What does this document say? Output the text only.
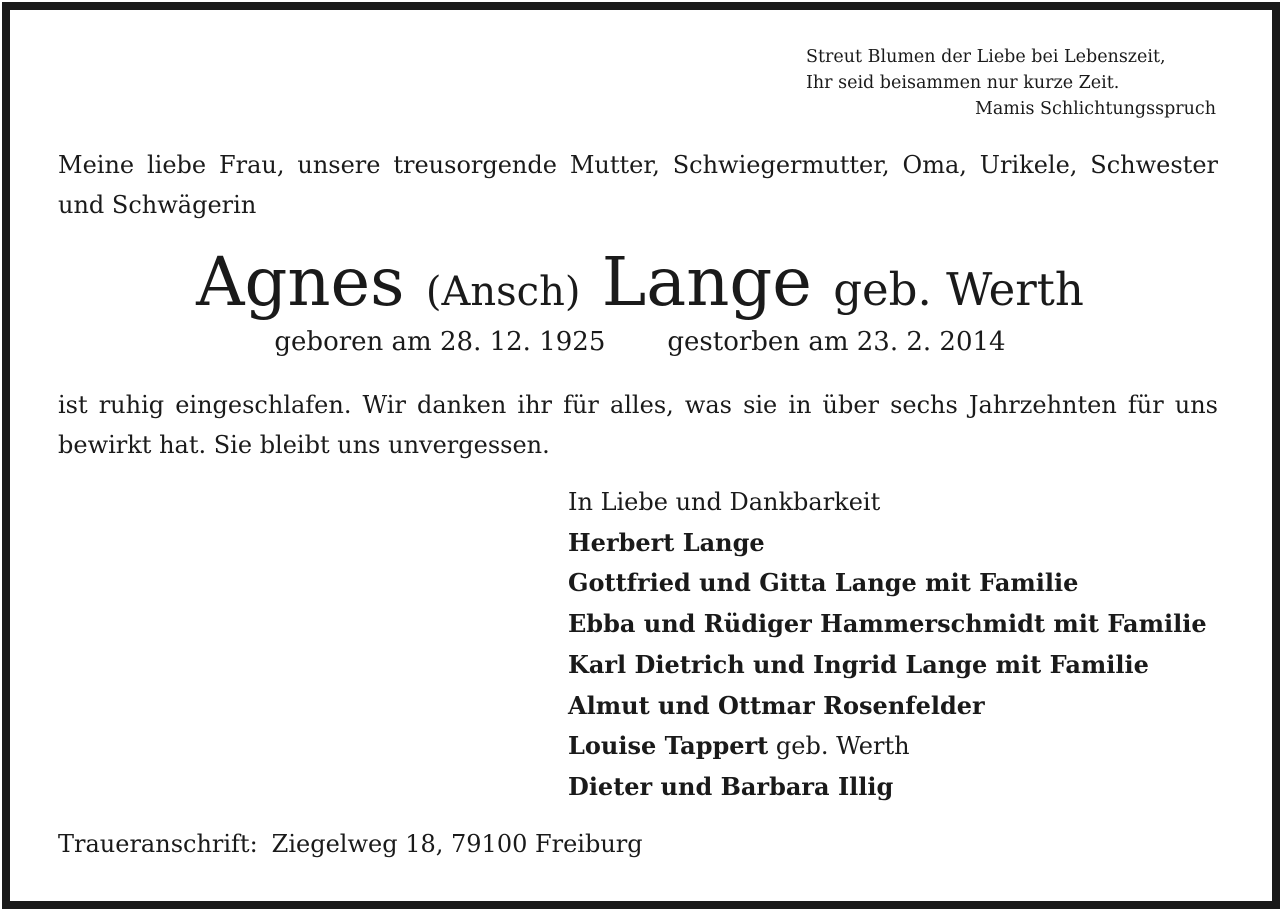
Streut Blumen der Liebe bei Lebenszeit,
Ihr seid beisammen nur kurze Zeit.
Mamis Schlichtungsspruch
Meine liebe Frau, unsere treusorgende Mutter, Schwiegermutter, Oma, Urikele, Schwester
und Schwägerin
Agnes (Ansch) Lange geb. Werth
geboren am 28. 12. 1925 gestorben am 23. 2. 2014
ist ruhig eingeschlafen. Wir danken ihr für alles, was sie in über sechs Jahrzehnten für uns
bewirkt hat. Sie bleibt uns unvergessen.
In Liebe und Dankbarkeit
Herbert Lange
Gottfried und Gitta Lange mit Familie
Ebba und Rüdiger Hammerschmidt mit Familie
Karl Dietrich und Ingrid Lange mit Familie
Almut und Ottmar Rosenfelder
Louise Tappert geb. Werth
Dieter und Barbara Illig
Traueranschrift: Ziegelweg 18, 79100 Freiburg
